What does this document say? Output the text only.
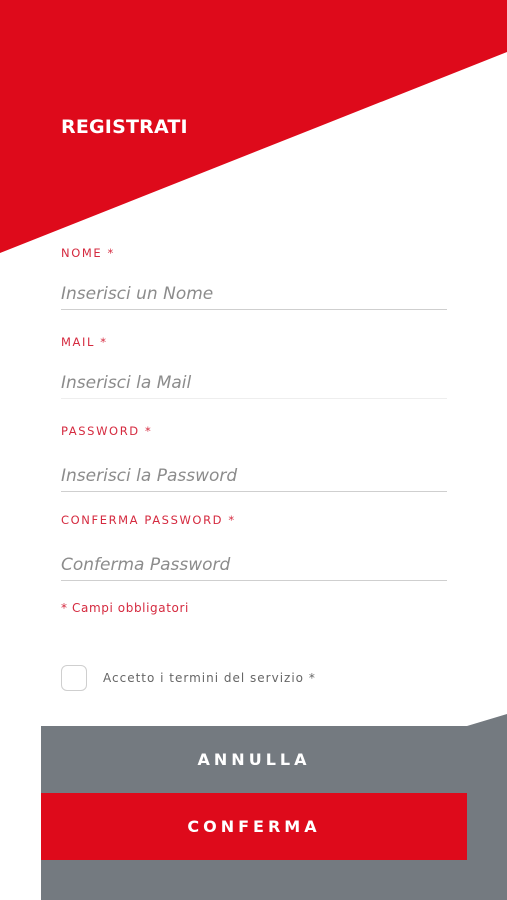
REGISTRATI
NOME *
Inserisci un Nome
MAIL *
Inserisci la Mail
PASSWORD *
CONFERMA PASSWORD *

* Campi obbligatori

Accetto i termini del servizio *
ANNULLA
CONFERMA
